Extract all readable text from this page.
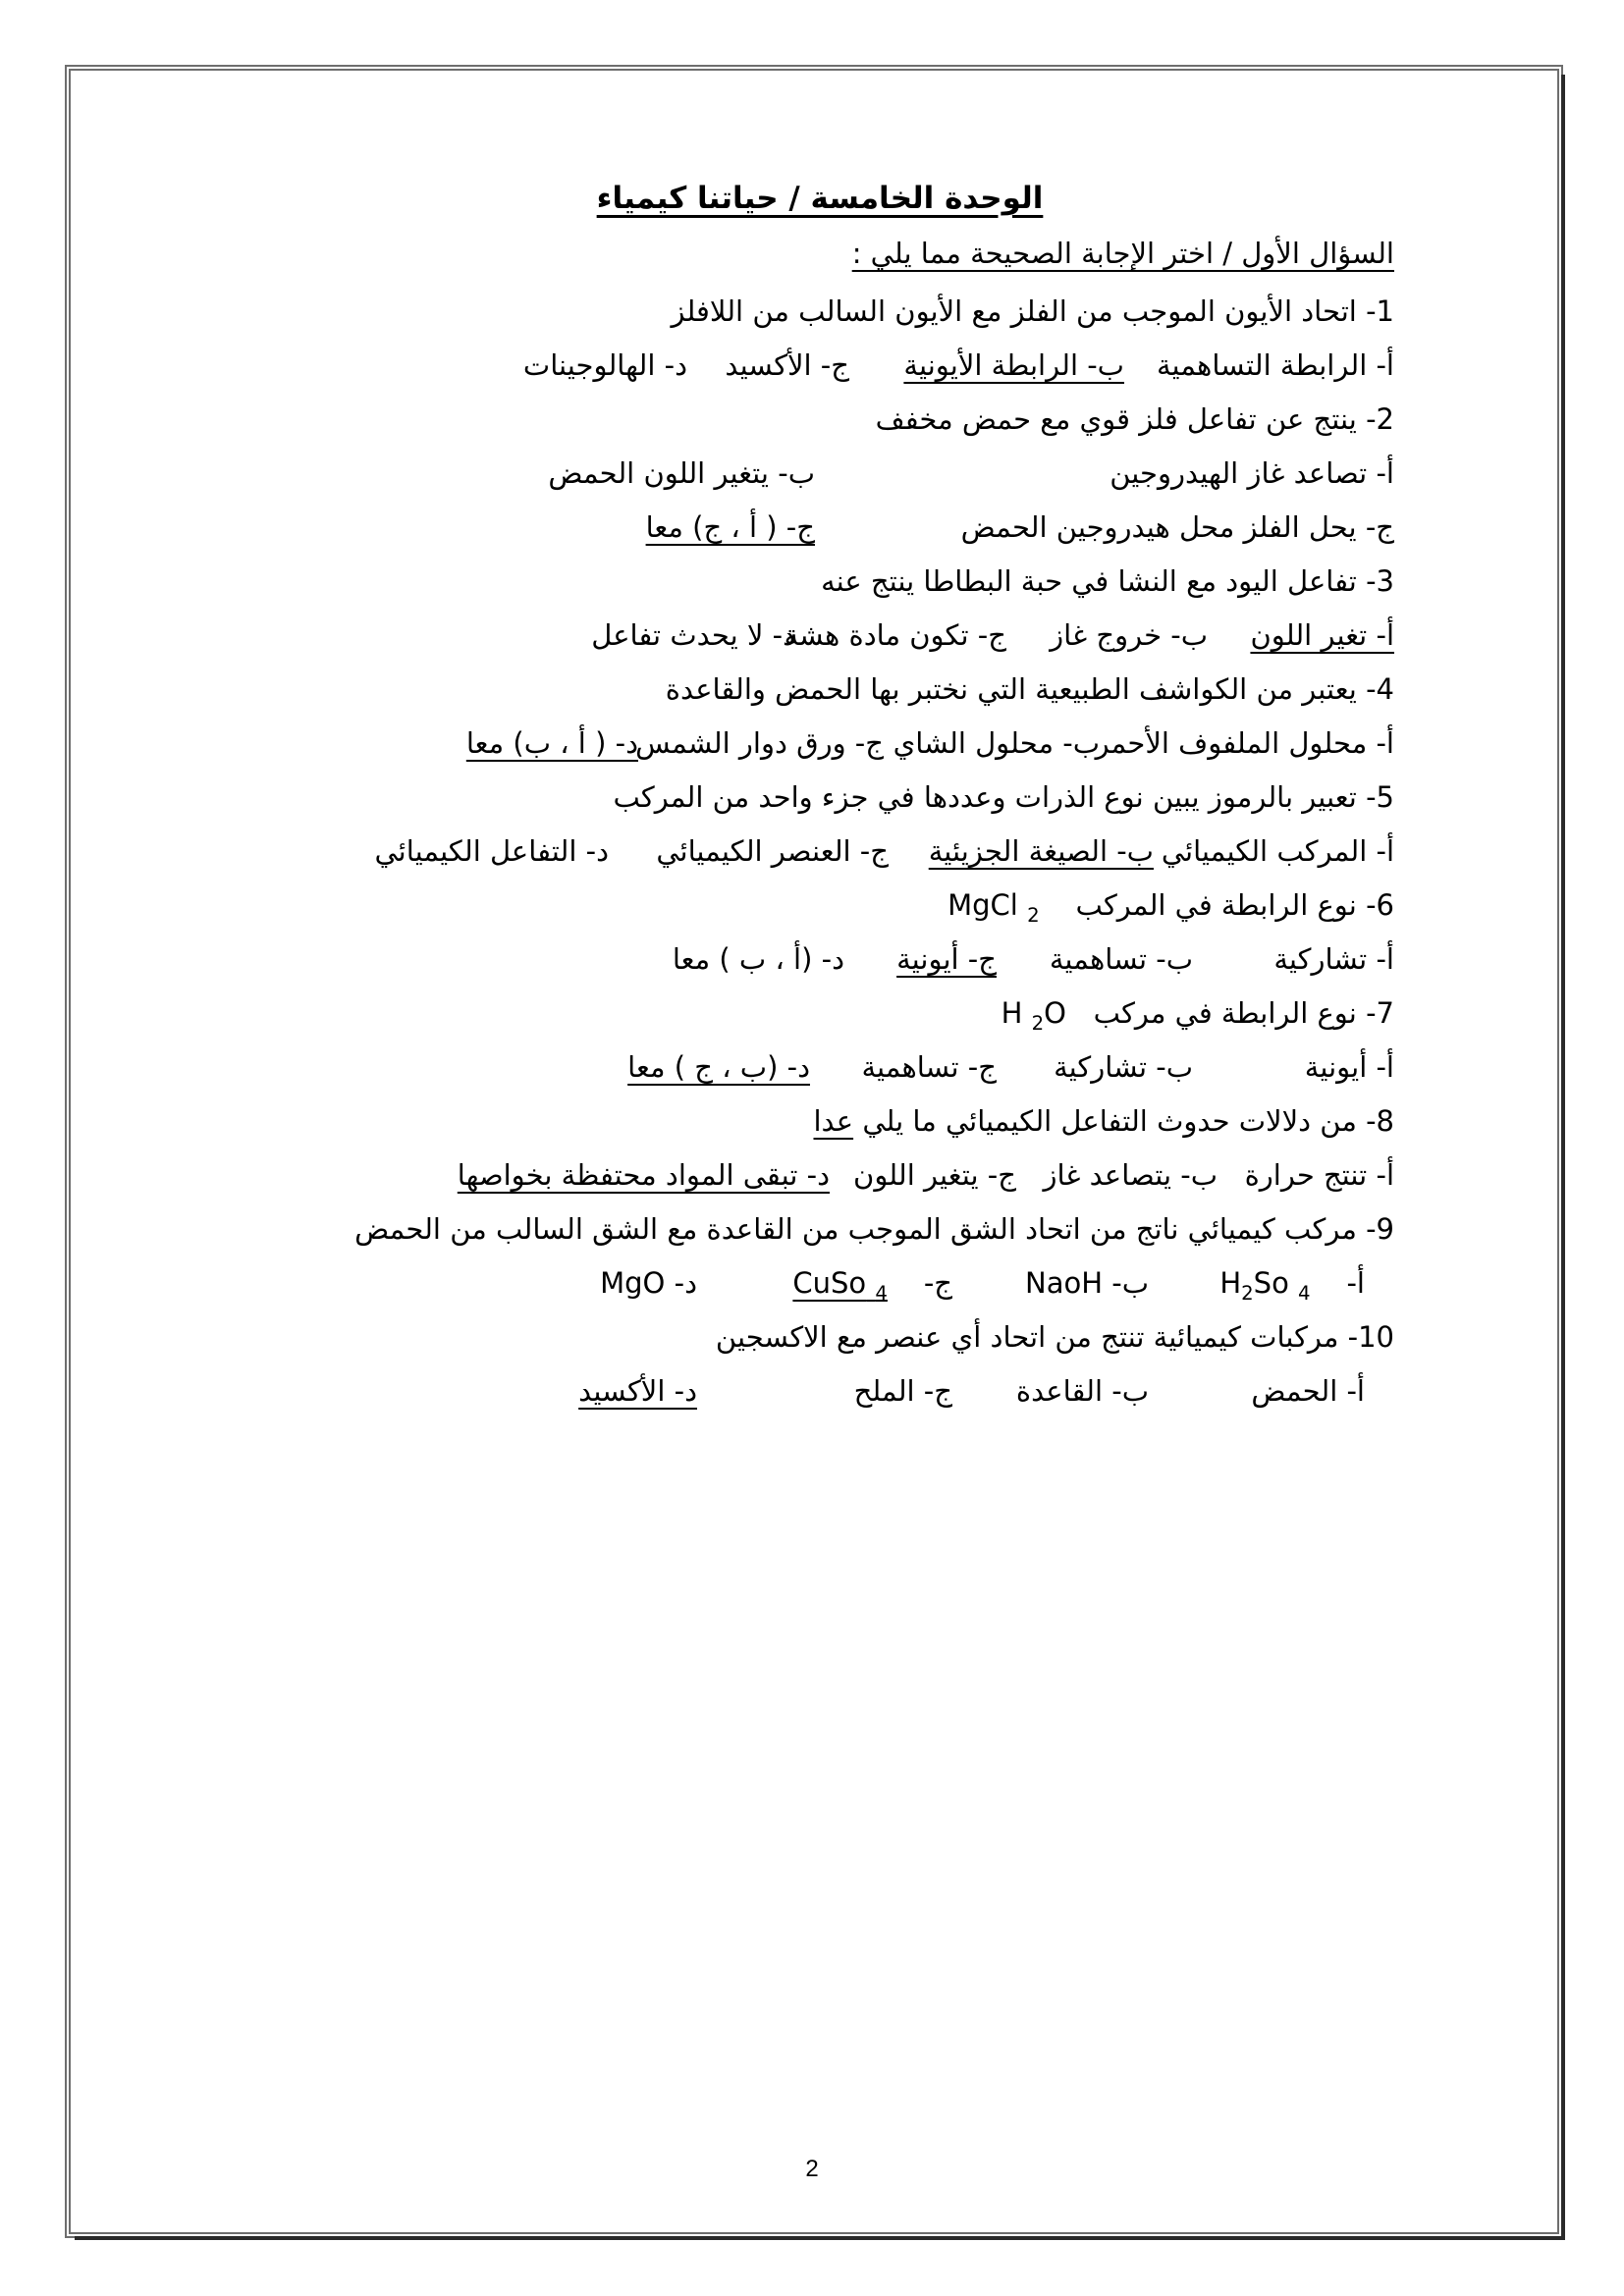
الوحدة الخامسة / حياتنا كيمياء
السؤال الأول / اختر الإجابة الصحيحة مما يلي :
1- اتحاد الأيون الموجب من الفلز مع الأيون السالب من اللافلز
أ- الرابطة التساهمية
ب- الرابطة الأيونية
ج- الأكسيد
د- الهالوجينات
2- ينتج عن تفاعل فلز قوي مع حمض مخفف
أ- تصاعد غاز الهيدروجين
ب- يتغير اللون الحمض
ج- يحل الفلز محل هيدروجين الحمض
ج- ( أ ، ج) معا
3- تفاعل اليود مع النشا في حبة البطاطا ينتج عنه
أ- تغير اللون
ب- خروج غاز
ج- تكون مادة هشة
د- لا يحدث تفاعل
4- يعتبر من الكواشف الطبيعية التي نختبر بها الحمض والقاعدة
أ- محلول الملفوف الأحمر
ب- محلول الشاي
ج- ورق دوار الشمس
د- ( أ ، ب) معا
5- تعبير بالرموز يبين نوع الذرات وعددها في جزء واحد من المركب
أ- المركب الكيميائي
ب- الصيغة الجزيئية
ج- العنصر الكيميائي
د- التفاعل الكيميائي
6- نوع الرابطة في المركب    MgCl $_2$
أ- تشاركية
ب- تساهمية
ج- أيونية
د- (أ ، ب ) معا
7- نوع الرابطة في مركب   H $_2$O
أ- أيونية
ب- تشاركية
ج- تساهمية
د- (ب ، ج ) معا
8- من دلالات حدوث التفاعل الكيميائي ما يلي عدا
أ- تنتج حرارة
ب- يتصاعد غاز
ج- يتغير اللون
د- تبقى المواد محتفظة بخواصها
9- مركب كيميائي ناتج من اتحاد الشق الموجب من القاعدة مع الشق السالب من الحمض
أ-    $H_2So$ $_4$
ب- NaoH
ج-    CuSo $_4$
د- MgO
10- مركبات كيميائية تنتج من اتحاد أي عنصر مع الاكسجين
أ- الحمض
ب- القاعدة
ج- الملح
د- الأكسيد
2
